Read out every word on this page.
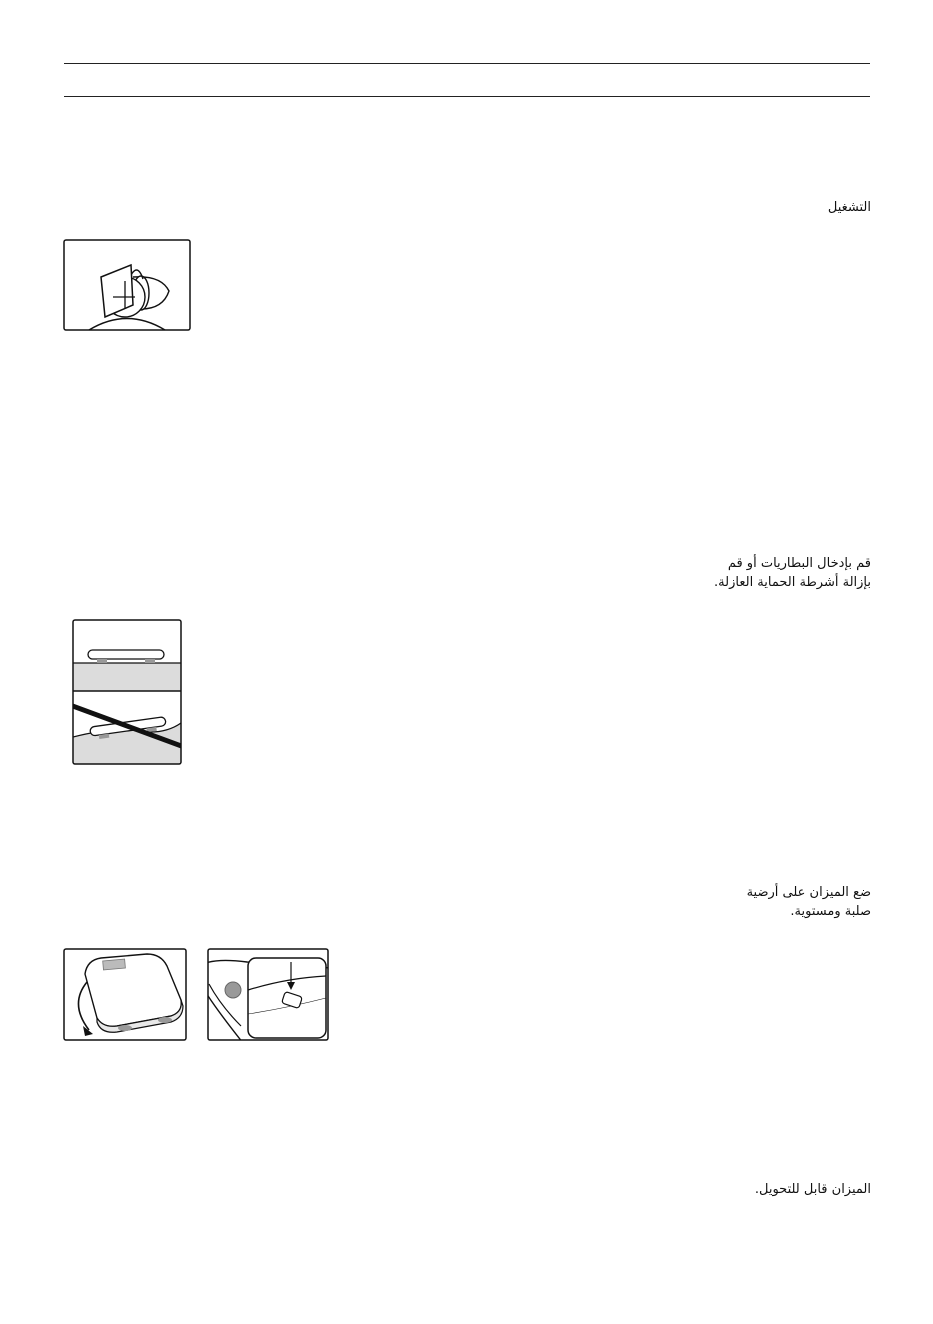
التشغيل
قم بإدخال البطاريات أو قم
بإزالة أشرطة الحماية العازلة.
ضع الميزان على أرضية
صلبة ومستوية.
الميزان قابل للتحويل.
